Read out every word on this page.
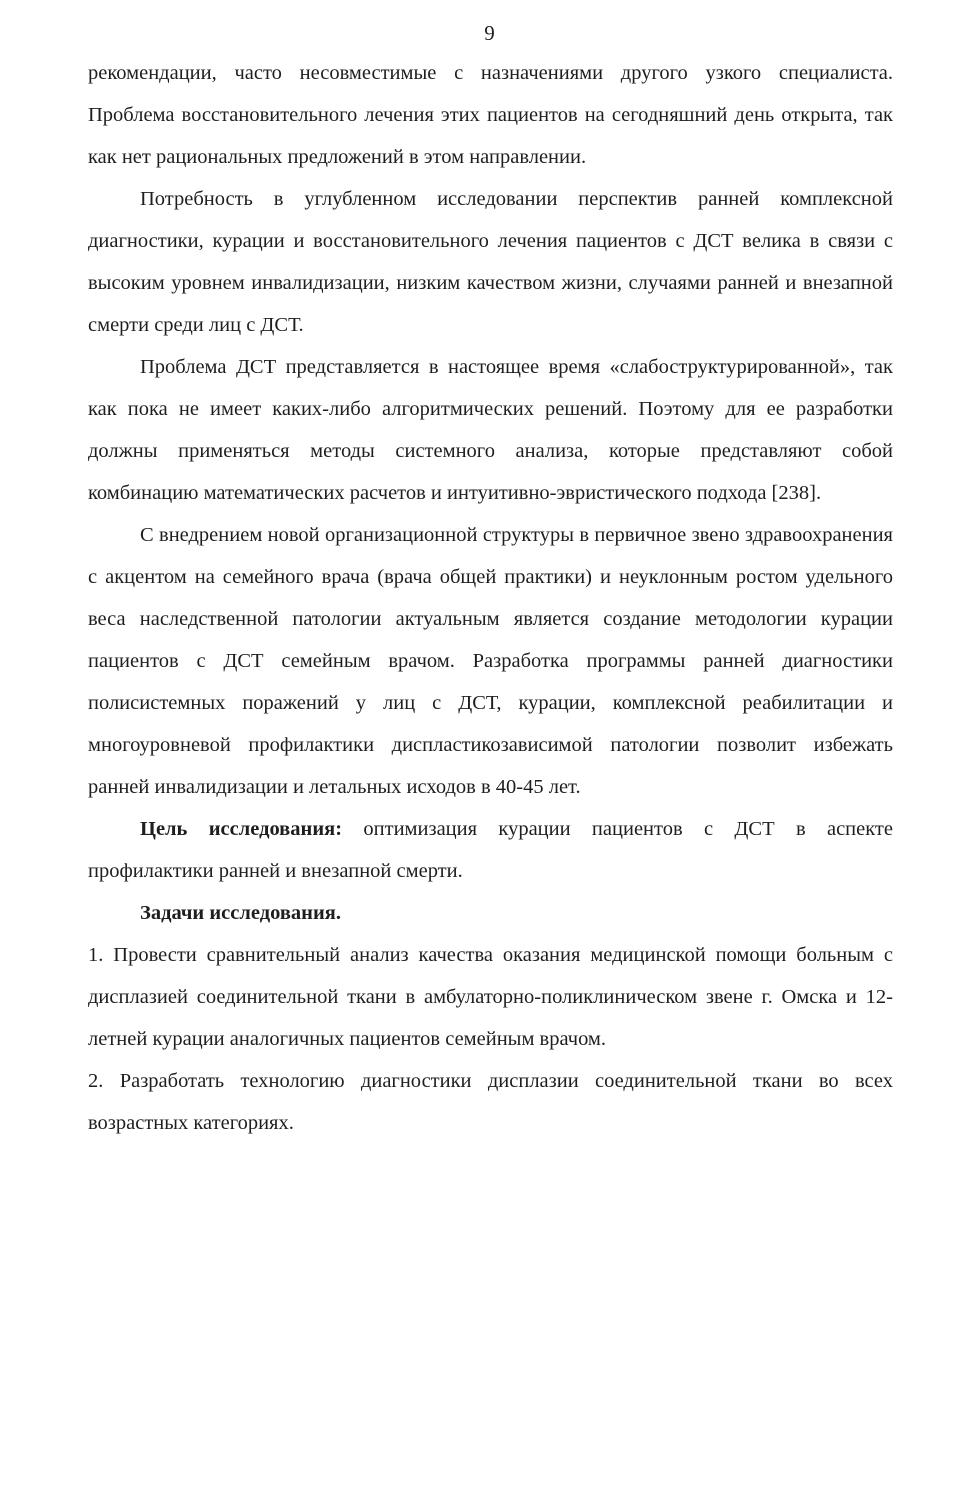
9

рекомендации, часто несовместимые с назначениями другого узкого специалиста. Проблема восстановительного лечения этих пациентов на сегодняшний день открыта, так как нет рациональных предложений в этом направлении.

Потребность в углубленном исследовании перспектив ранней комплексной диагностики, курации и восстановительного лечения пациентов с ДСТ велика в связи с высоким уровнем инвалидизации, низким качеством жизни, случаями ранней и внезапной смерти среди лиц с ДСТ.

Проблема ДСТ представляется в настоящее время «слабоструктурированной», так как пока не имеет каких-либо алгоритмических решений. Поэтому для ее разработки должны применяться методы системного анализа, которые представляют собой комбинацию математических расчетов и интуитивно-эвристического подхода [238].

С внедрением новой организационной структуры в первичное звено здравоохранения с акцентом на семейного врача (врача общей практики) и неуклонным ростом удельного веса наследственной патологии актуальным является создание методологии курации пациентов с ДСТ семейным врачом. Разработка программы ранней диагностики полисистемных поражений у лиц с ДСТ, курации, комплексной реабилитации и многоуровневой профилактики диспластикозависимой патологии позволит избежать ранней инвалидизации и летальных исходов в 40-45 лет.

Цель исследования: оптимизация курации пациентов с ДСТ в аспекте профилактики ранней и внезапной смерти.

Задачи исследования.

1. Провести сравнительный анализ качества оказания медицинской помощи больным с дисплазией соединительной ткани в амбулаторно-поликлиническом звене г. Омска и 12-летней курации аналогичных пациентов семейным врачом.

2. Разработать технологию диагностики дисплазии соединительной ткани во всех возрастных категориях.
